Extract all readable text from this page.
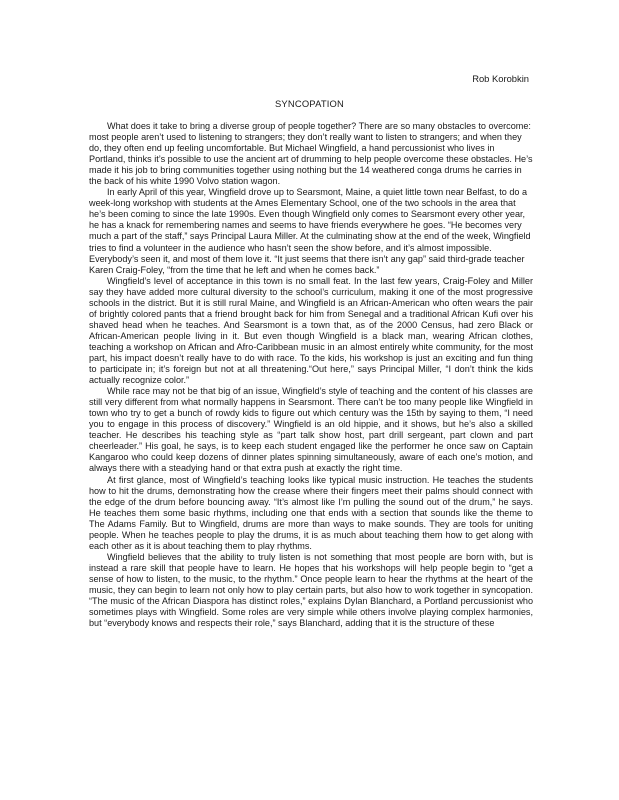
Rob Korobkin
SYNCOPATION

What does it take to bring a diverse group of people together? There are so many obstacles to overcome: most people aren’t used to listening to strangers; they don’t really want to listen to strangers; and when they do, they often end up feeling uncomfortable. But Michael Wingfield, a hand percussionist who lives in Portland, thinks it’s possible to use the ancient art of drumming to help people overcome these obstacles. He’s made it his job to bring communities together using nothing but the 14 weathered conga drums he carries in the back of his white 1990 Volvo station wagon.

In early April of this year, Wingfield drove up to Searsmont, Maine, a quiet little town near Belfast, to do a week-long workshop with students at the Ames Elementary School, one of the two schools in the area that he’s been coming to since the late 1990s. Even though Wingfield only comes to Searsmont every other year, he has a knack for remembering names and seems to have friends everywhere he goes. “He becomes very much a part of the staff,” says Principal Laura Miller. At the culminating show at the end of the week, Wingfield tries to find a volunteer in the audience who hasn’t seen the show before, and it’s almost impossible. Everybody’s seen it, and most of them love it. “It just seems that there isn’t any gap” said third-grade teacher Karen Craig-Foley, “from the time that he left and when he comes back.”

Wingfield’s level of acceptance in this town is no small feat. In the last few years, Craig-Foley and Miller say they have added more cultural diversity to the school’s curriculum, making it one of the most progressive schools in the district. But it is still rural Maine, and Wingfield is an African-American who often wears the pair of brightly colored pants that a friend brought back for him from Senegal and a traditional African Kufi over his shaved head when he teaches. And Searsmont is a town that, as of the 2000 Census, had zero Black or African-American people living in it. But even though Wingfield is a black man, wearing African clothes, teaching a workshop on African and Afro-Caribbean music in an almost entirely white community, for the most part, his impact doesn’t really have to do with race. To the kids, his workshop is just an exciting and fun thing to participate in; it’s foreign but not at all threatening.“Out here,” says Principal Miller, “I don’t think the kids actually recognize color.”

While race may not be that big of an issue, Wingfield’s style of teaching and the content of his classes are still very different from what normally happens in Searsmont. There can’t be too many people like Wingfield in town who try to get a bunch of rowdy kids to figure out which century was the 15th by saying to them, “I need you to engage in this process of discovery.” Wingfield is an old hippie, and it shows, but he’s also a skilled teacher. He describes his teaching style as “part talk show host, part drill sergeant, part clown and part cheerleader.” His goal, he says, is to keep each student engaged like the performer he once saw on Captain Kangaroo who could keep dozens of dinner plates spinning simultaneously, aware of each one’s motion, and always there with a steadying hand or that extra push at exactly the right time.

At first glance, most of Wingfield’s teaching looks like typical music instruction. He teaches the students how to hit the drums, demonstrating how the crease where their fingers meet their palms should connect with the edge of the drum before bouncing away. “It’s almost like I’m pulling the sound out of the drum,” he says. He teaches them some basic rhythms, including one that ends with a section that sounds like the theme to The Adams Family. But to Wingfield, drums are more than ways to make sounds. They are tools for uniting people. When he teaches people to play the drums, it is as much about teaching them how to get along with each other as it is about teaching them to play rhythms.

Wingfield believes that the ability to truly listen is not something that most people are born with, but is instead a rare skill that people have to learn. He hopes that his workshops will help people begin to “get a sense of how to listen, to the music, to the rhythm.” Once people learn to hear the rhythms at the heart of the music, they can begin to learn not only how to play certain parts, but also how to work together in syncopation. “The music of the African Diaspora has distinct roles,” explains Dylan Blanchard, a Portland percussionist who sometimes plays with Wingfield. Some roles are very simple while others involve playing complex harmonies, but “everybody knows and respects their role,” says Blanchard, adding that it is the structure of these
